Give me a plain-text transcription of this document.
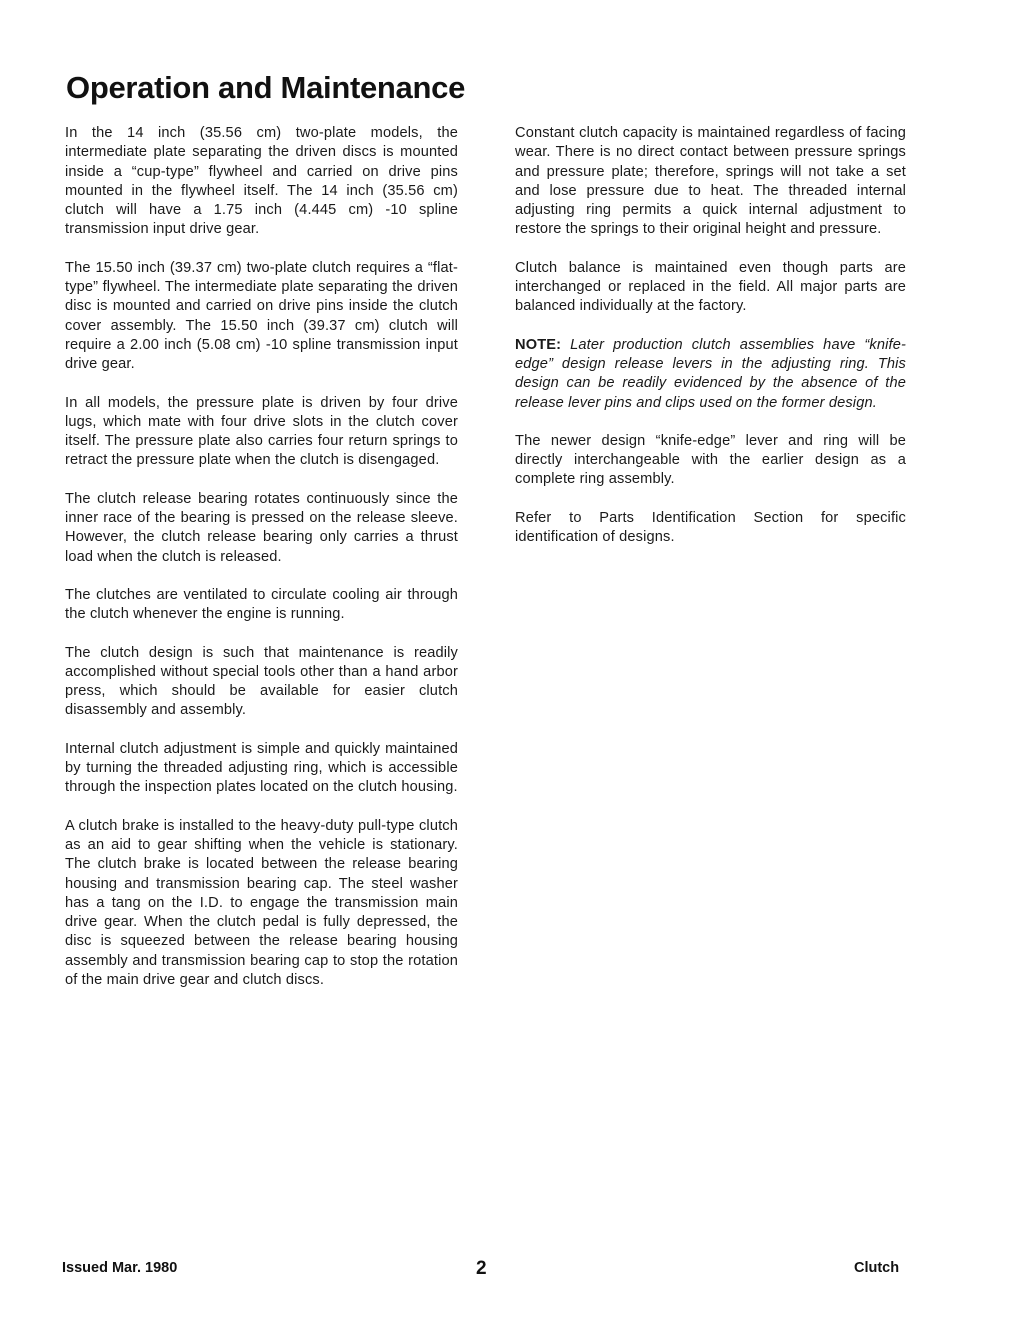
Operation and Maintenance

In the 14 inch (35.56 cm) two-plate models, the intermediate plate separating the driven discs is mounted inside a “cup-type” flywheel and carried on drive pins mounted in the flywheel itself. The 14 inch (35.56 cm) clutch will have a 1.75 inch (4.445 cm) -10 spline transmission input drive gear.

The 15.50 inch (39.37 cm) two-plate clutch requires a “flat-type” flywheel. The intermediate plate separating the driven disc is mounted and carried on drive pins inside the clutch cover assembly. The 15.50 inch (39.37 cm) clutch will require a 2.00 inch (5.08 cm) -10 spline transmission input drive gear.

In all models, the pressure plate is driven by four drive lugs, which mate with four drive slots in the clutch cover itself. The pressure plate also carries four return springs to retract the pressure plate when the clutch is disengaged.

The clutch release bearing rotates continuously since the inner race of the bearing is pressed on the release sleeve. However, the clutch release bearing only carries a thrust load when the clutch is released.

The clutches are ventilated to circulate cooling air through the clutch whenever the engine is running.

The clutch design is such that maintenance is readily accomplished without special tools other than a hand arbor press, which should be available for easier clutch disassembly and assembly.

Internal clutch adjustment is simple and quickly maintained by turning the threaded adjusting ring, which is accessible through the inspection plates located on the clutch housing.

A clutch brake is installed to the heavy-duty pull-type clutch as an aid to gear shifting when the vehicle is stationary. The clutch brake is located between the release bearing housing and transmission bearing cap. The steel washer has a tang on the I.D. to engage the transmission main drive gear. When the clutch pedal is fully depressed, the disc is squeezed between the release bearing housing assembly and transmission bearing cap to stop the rotation of the main drive gear and clutch discs.

Constant clutch capacity is maintained regardless of facing wear. There is no direct contact between pressure springs and pressure plate; therefore, springs will not take a set and lose pressure due to heat. The threaded internal adjusting ring permits a quick internal adjustment to restore the springs to their original height and pressure.

Clutch balance is maintained even though parts are interchanged or replaced in the field. All major parts are balanced individually at the factory.

NOTE: Later production clutch assemblies have “knife-edge” design release levers in the adjusting ring. This design can be readily evidenced by the absence of the release lever pins and clips used on the former design.

The newer design “knife-edge” lever and ring will be directly interchangeable with the earlier design as a complete ring assembly.

Refer to Parts Identification Section for specific identification of designs.

Issued Mar. 1980	2	Clutch
